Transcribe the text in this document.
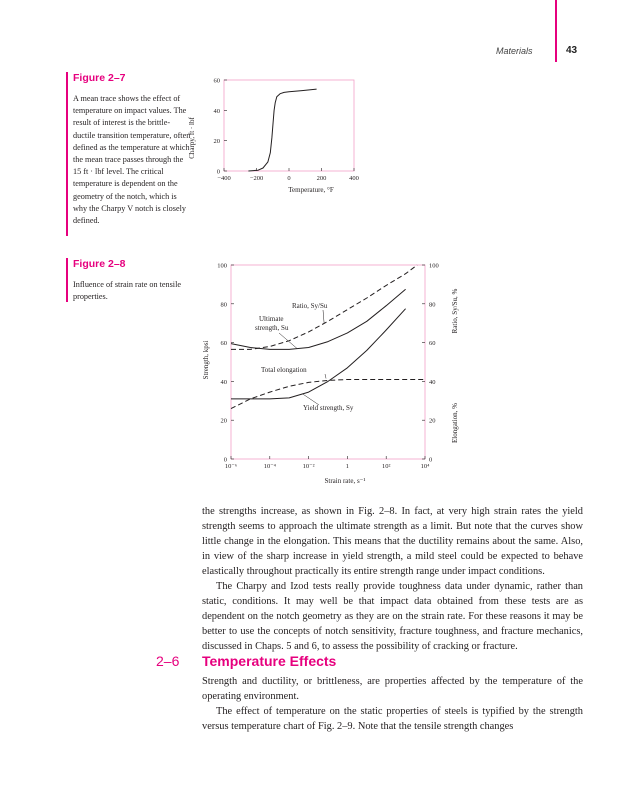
Materials	43
Figure 2–7
A mean trace shows the effect of temperature on impact values. The result of interest is the brittle-ductile transition temperature, often defined as the temperature at which the mean trace passes through the 15 ft · lbf level. The critical temperature is dependent on the geometry of the notch, which is why the Charpy V notch is closely defined.
0
20
40
60
−400	−200	0	200	400
Temperature, °F
Charpy, ft · lbf
Figure 2–8
Influence of strain rate on tensile properties.
0
20
40
60
80
100
0
20
40
60
80
100
10⁻⁶	10⁻⁴	10⁻²	1	10²	10⁴
Strain rate, s⁻¹
Strength, kpsi
Ratio, Sy/Su, %
Elongation, %
Ratio, Sy/Su
Ultimate
strength, Su
Total elongation
Yield strength, Sy

the strengths increase, as shown in Fig. 2–8. In fact, at very high strain rates the yield strength seems to approach the ultimate strength as a limit. But note that the curves show little change in the elongation. This means that the ductility remains about the same. Also, in view of the sharp increase in yield strength, a mild steel could be expected to behave elastically throughout practically its entire strength range under impact conditions.

The Charpy and Izod tests really provide toughness data under dynamic, rather than static, conditions. It may well be that impact data obtained from these tests are as dependent on the notch geometry as they are on the strain rate. For these reasons it may be better to use the concepts of notch sensitivity, fracture toughness, and fracture mechanics, discussed in Chaps. 5 and 6, to assess the possibility of cracking or fracture.

2–6 Temperature Effects

Strength and ductility, or brittleness, are properties affected by the temperature of the operating environment.

The effect of temperature on the static properties of steels is typified by the strength versus temperature chart of Fig. 2–9. Note that the tensile strength changes
